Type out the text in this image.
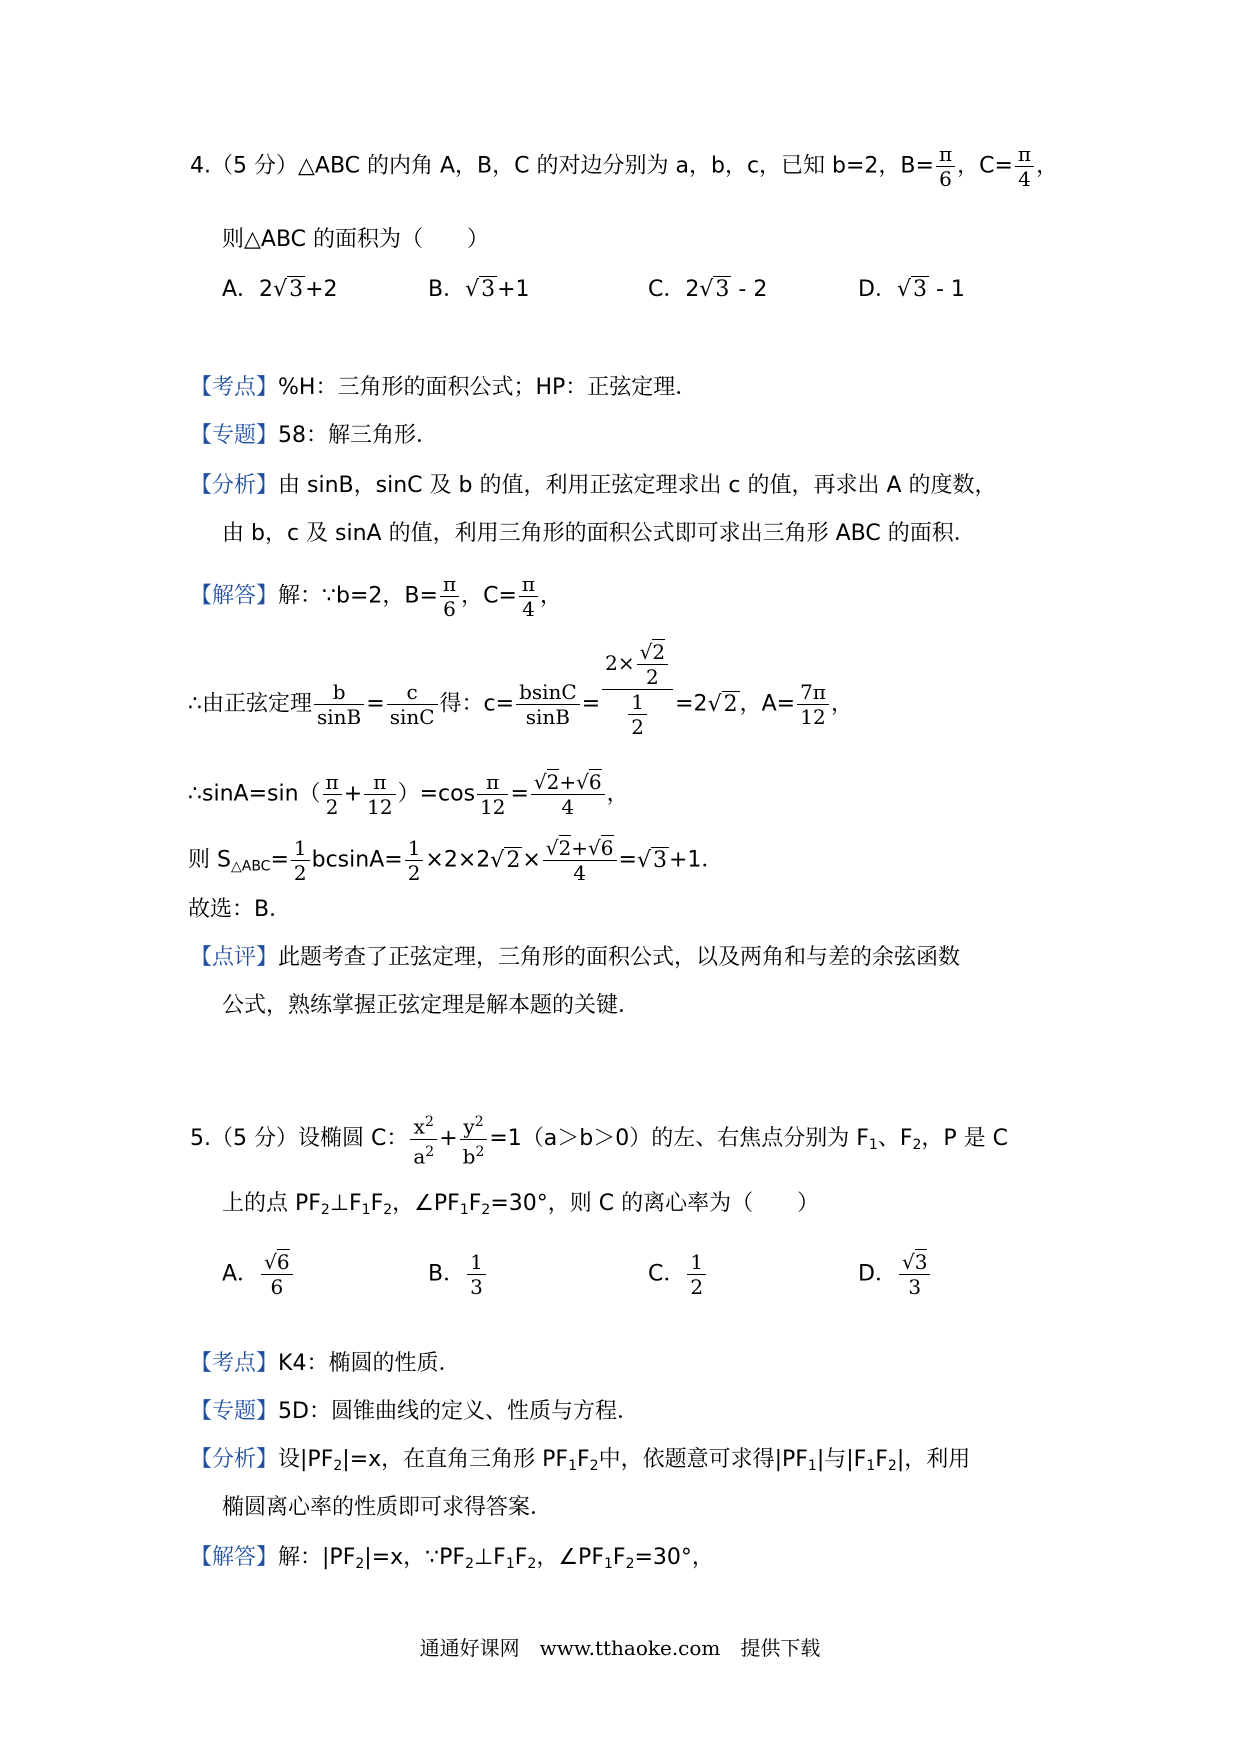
4.（5 分）△ABC 的内角 A，B，C 的对边分别为 a，b，c，已知 b=2，$B= \frac{\pi}{6}$ ，$C= \frac{\pi}{4}$ ，
则△ABC 的面积为（　　）
A．2√3+2	B．√3+1	C．2√3 - 2	D．√3 - 1
【考点】%H：三角形的面积公式；HP：正弦定理．
【专题】58：解三角形．
【分析】由 sinB，sinC 及 b 的值，利用正弦定理求出 c 的值，再求出 A 的度数，
由 b，c 及 sinA 的值，利用三角形的面积公式即可求出三角形 ABC 的面积．
【解答】解：∵b=2，$B= \frac{\pi}{6}$ ，$C= \frac{\pi}{4}$ ，
∴由正弦定理 $\frac{b}{\sin B} = \frac{c}{\sin C}$ 得：$c= \frac{bsinC}{\sin B} = \frac{2\times \frac{√2}{2}}{\frac{1}{2}} =2√2$，$A= \frac{7\pi}{12}$ ，
∴sinA=sin（ $\frac{\pi}{2} + \frac{\pi}{12} )=\cos \frac{\pi}{12} = \frac{√2+√6}{4}$ ，
则 $S_{\triangle ABC}= \frac{1}{2} bcsinA= \frac{1}{2} \times 2\times 2√2\times \frac{√2+√6}{4} =√3+1$．
故选：B．
【点评】此题考查了正弦定理，三角形的面积公式，以及两角和与差的余弦函数
公式，熟练掌握正弦定理是解本题的关键．
5.（5 分）设椭圆 C： $\frac{x^2}{a^2} + \frac{y^2}{b^2} =1(a>b>0)$的左、右焦点分别为 $F_1$、$F_2$，P 是 C
上的点 $PF_2\perp F_1F_2$，$\angle PF_1F_2=30^\circ$，则 C 的离心率为（　　）
A． $\frac{√6}{6}$	B． $\frac{1}{3}$	C． $\frac{1}{2}$	D． $\frac{√3}{3}$
【考点】K4：椭圆的性质．
【专题】5D：圆锥曲线的定义、性质与方程．
【分析】设$|PF_2|=x$，在直角三角形 $PF_1F_2$中，依题意可求得$|PF_1|$与$|F_1F_2|$，利用
椭圆离心率的性质即可求得答案．
【解答】解：$|PF_2|=x$，$\because PF_2\perp F_1F_2$，$\angle PF_1F_2=30^\circ$，
通通好课网　www.tthaoke.com　提供下载
